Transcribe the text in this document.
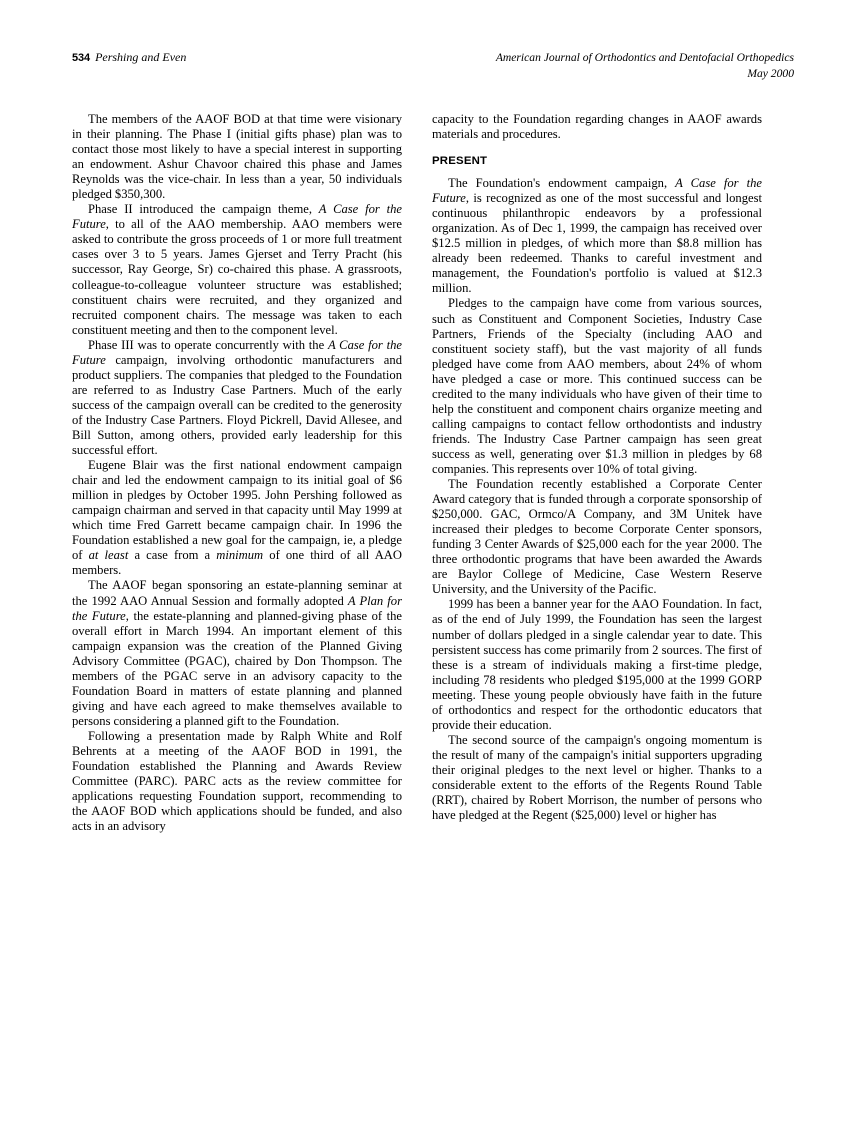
534 Pershing and Even	American Journal of Orthodontics and Dentofacial Orthopedics
May 2000

The members of the AAOF BOD at that time were visionary in their planning. The Phase I (initial gifts phase) plan was to contact those most likely to have a special interest in supporting an endowment. Ashur Chavoor chaired this phase and James Reynolds was the vice-chair. In less than a year, 50 individuals pledged $350,300.

Phase II introduced the campaign theme, A Case for the Future, to all of the AAO membership. AAO members were asked to contribute the gross proceeds of 1 or more full treatment cases over 3 to 5 years. James Gjerset and Terry Pracht (his successor, Ray George, Sr) co-chaired this phase. A grassroots, colleague-to-colleague volunteer structure was established; constituent chairs were recruited, and they organized and recruited component chairs. The message was taken to each constituent meeting and then to the component level.

Phase III was to operate concurrently with the A Case for the Future campaign, involving orthodontic manufacturers and product suppliers. The companies that pledged to the Foundation are referred to as Industry Case Partners. Much of the early success of the campaign overall can be credited to the generosity of the Industry Case Partners. Floyd Pickrell, David Allesee, and Bill Sutton, among others, provided early leadership for this successful effort.

Eugene Blair was the first national endowment campaign chair and led the endowment campaign to its initial goal of $6 million in pledges by October 1995. John Pershing followed as campaign chairman and served in that capacity until May 1999 at which time Fred Garrett became campaign chair. In 1996 the Foundation established a new goal for the campaign, ie, a pledge of at least a case from a minimum of one third of all AAO members.

The AAOF began sponsoring an estate-planning seminar at the 1992 AAO Annual Session and formally adopted A Plan for the Future, the estate-planning and planned-giving phase of the overall effort in March 1994. An important element of this campaign expansion was the creation of the Planned Giving Advisory Committee (PGAC), chaired by Don Thompson. The members of the PGAC serve in an advisory capacity to the Foundation Board in matters of estate planning and planned giving and have each agreed to make themselves available to persons considering a planned gift to the Foundation.

Following a presentation made by Ralph White and Rolf Behrents at a meeting of the AAOF BOD in 1991, the Foundation established the Planning and Awards Review Committee (PARC). PARC acts as the review committee for applications requesting Foundation support, recommending to the AAOF BOD which applications should be funded, and also acts in an advisory

capacity to the Foundation regarding changes in AAOF awards materials and procedures.

PRESENT

The Foundation's endowment campaign, A Case for the Future, is recognized as one of the most successful and longest continuous philanthropic endeavors by a professional organization. As of Dec 1, 1999, the campaign has received over $12.5 million in pledges, of which more than $8.8 million has already been redeemed. Thanks to careful investment and management, the Foundation's portfolio is valued at $12.3 million.

Pledges to the campaign have come from various sources, such as Constituent and Component Societies, Industry Case Partners, Friends of the Specialty (including AAO and constituent society staff), but the vast majority of all funds pledged have come from AAO members, about 24% of whom have pledged a case or more. This continued success can be credited to the many individuals who have given of their time to help the constituent and component chairs organize meeting and calling campaigns to contact fellow orthodontists and industry friends. The Industry Case Partner campaign has seen great success as well, generating over $1.3 million in pledges by 68 companies. This represents over 10% of total giving.

The Foundation recently established a Corporate Center Award category that is funded through a corporate sponsorship of $250,000. GAC, Ormco/A Company, and 3M Unitek have increased their pledges to become Corporate Center sponsors, funding 3 Center Awards of $25,000 each for the year 2000. The three orthodontic programs that have been awarded the Awards are Baylor College of Medicine, Case Western Reserve University, and the University of the Pacific.

1999 has been a banner year for the AAO Foundation. In fact, as of the end of July 1999, the Foundation has seen the largest number of dollars pledged in a single calendar year to date. This persistent success has come primarily from 2 sources. The first of these is a stream of individuals making a first-time pledge, including 78 residents who pledged $195,000 at the 1999 GORP meeting. These young people obviously have faith in the future of orthodontics and respect for the orthodontic educators that provide their education.

The second source of the campaign's ongoing momentum is the result of many of the campaign's initial supporters upgrading their original pledges to the next level or higher. Thanks to a considerable extent to the efforts of the Regents Round Table (RRT), chaired by Robert Morrison, the number of persons who have pledged at the Regent ($25,000) level or higher has
